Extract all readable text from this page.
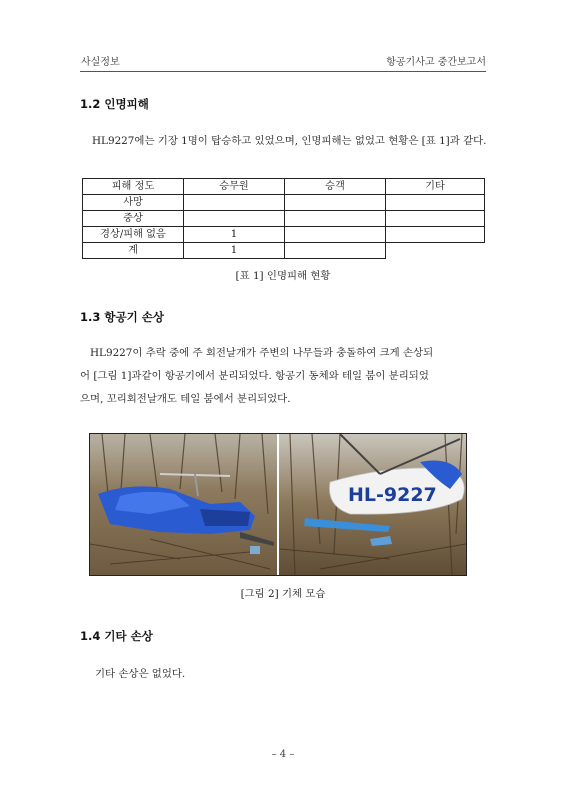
사실정보	항공기사고 중간보고서
1.2 인명피해
HL9227에는 기장 1명이 탑승하고 있었으며, 인명피해는 없었고 현황은 [표 1]과 같다.
피해 정도	승무원	승객	기타
사망			
중상			
경상/피해 없음	1		
계	1		
[표 1] 인명피해 현황
1.3 항공기 손상
HL9227이 추락 중에 주 회전날개가 주변의 나무들과 충돌하여 크게 손상되
어 [그림 1]과같이 항공기에서 분리되었다. 항공기 동체와 테일 붐이 분리되었
으며, 꼬리회전날개도 테일 붐에서 분리되었다.
HL-9227
[그림 2] 기체 모습
1.4 기타 손상
기타 손상은 없었다.
– 4 –
